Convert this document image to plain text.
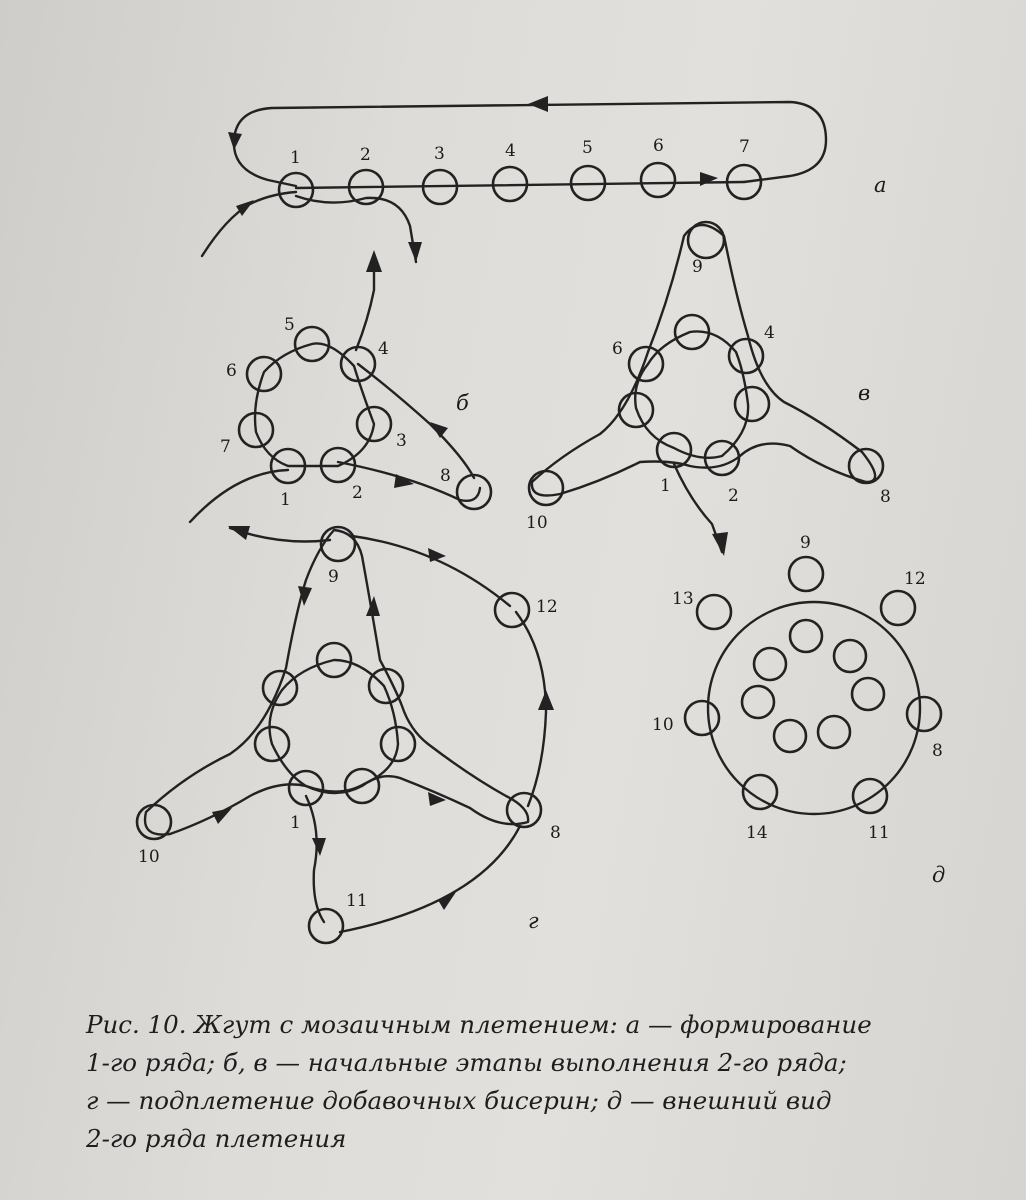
1	2	3	4	5	6	7
а
1	2
3
4
5
6
7
8
б
1	2
4
6
8
9
10
в
1	8
9
10
11
12
г
8
9
10
11
12
13
14
д

Рис. 10. Жгут с мозаичным плетением: а — формирование
1-го ряда; б, в — начальные этапы выполнения 2-го ряда;
г — подплетение добавочных бисерин; д — внешний вид
2-го ряда плетения
